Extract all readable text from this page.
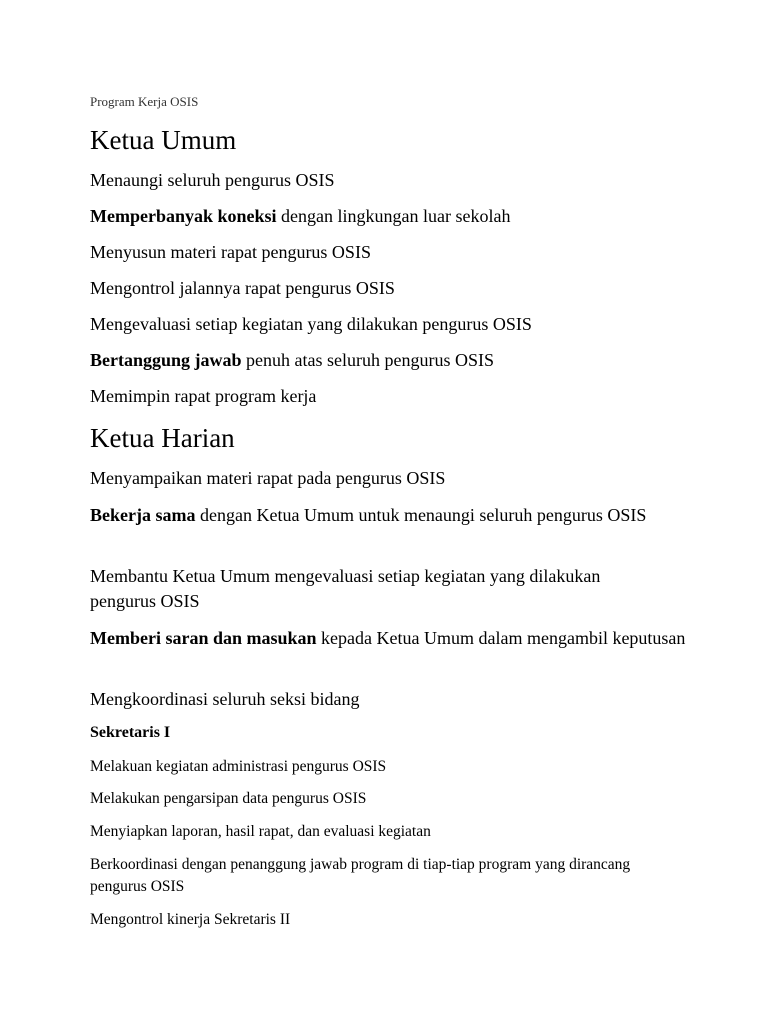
Program Kerja OSIS
Ketua Umum

Menaungi seluruh pengurus OSIS

Memperbanyak koneksi dengan lingkungan luar sekolah

Menyusun materi rapat pengurus OSIS

Mengontrol jalannya rapat pengurus OSIS

Mengevaluasi setiap kegiatan yang dilakukan pengurus OSIS

Bertanggung jawab penuh atas seluruh pengurus OSIS

Memimpin rapat program kerja

Ketua Harian

Menyampaikan materi rapat pada pengurus OSIS

Bekerja sama dengan Ketua Umum untuk menaungi seluruh pengurus OSIS

Membantu Ketua Umum mengevaluasi setiap kegiatan yang dilakukan pengurus OSIS

Memberi saran dan masukan kepada Ketua Umum dalam mengambil keputusan

Mengkoordinasi seluruh seksi bidang

Sekretaris I

Melakuan kegiatan administrasi pengurus OSIS

Melakukan pengarsipan data pengurus OSIS

Menyiapkan laporan, hasil rapat, dan evaluasi kegiatan

Berkoordinasi dengan penanggung jawab program di tiap-tiap program yang dirancang pengurus OSIS

Mengontrol kinerja Sekretaris II
